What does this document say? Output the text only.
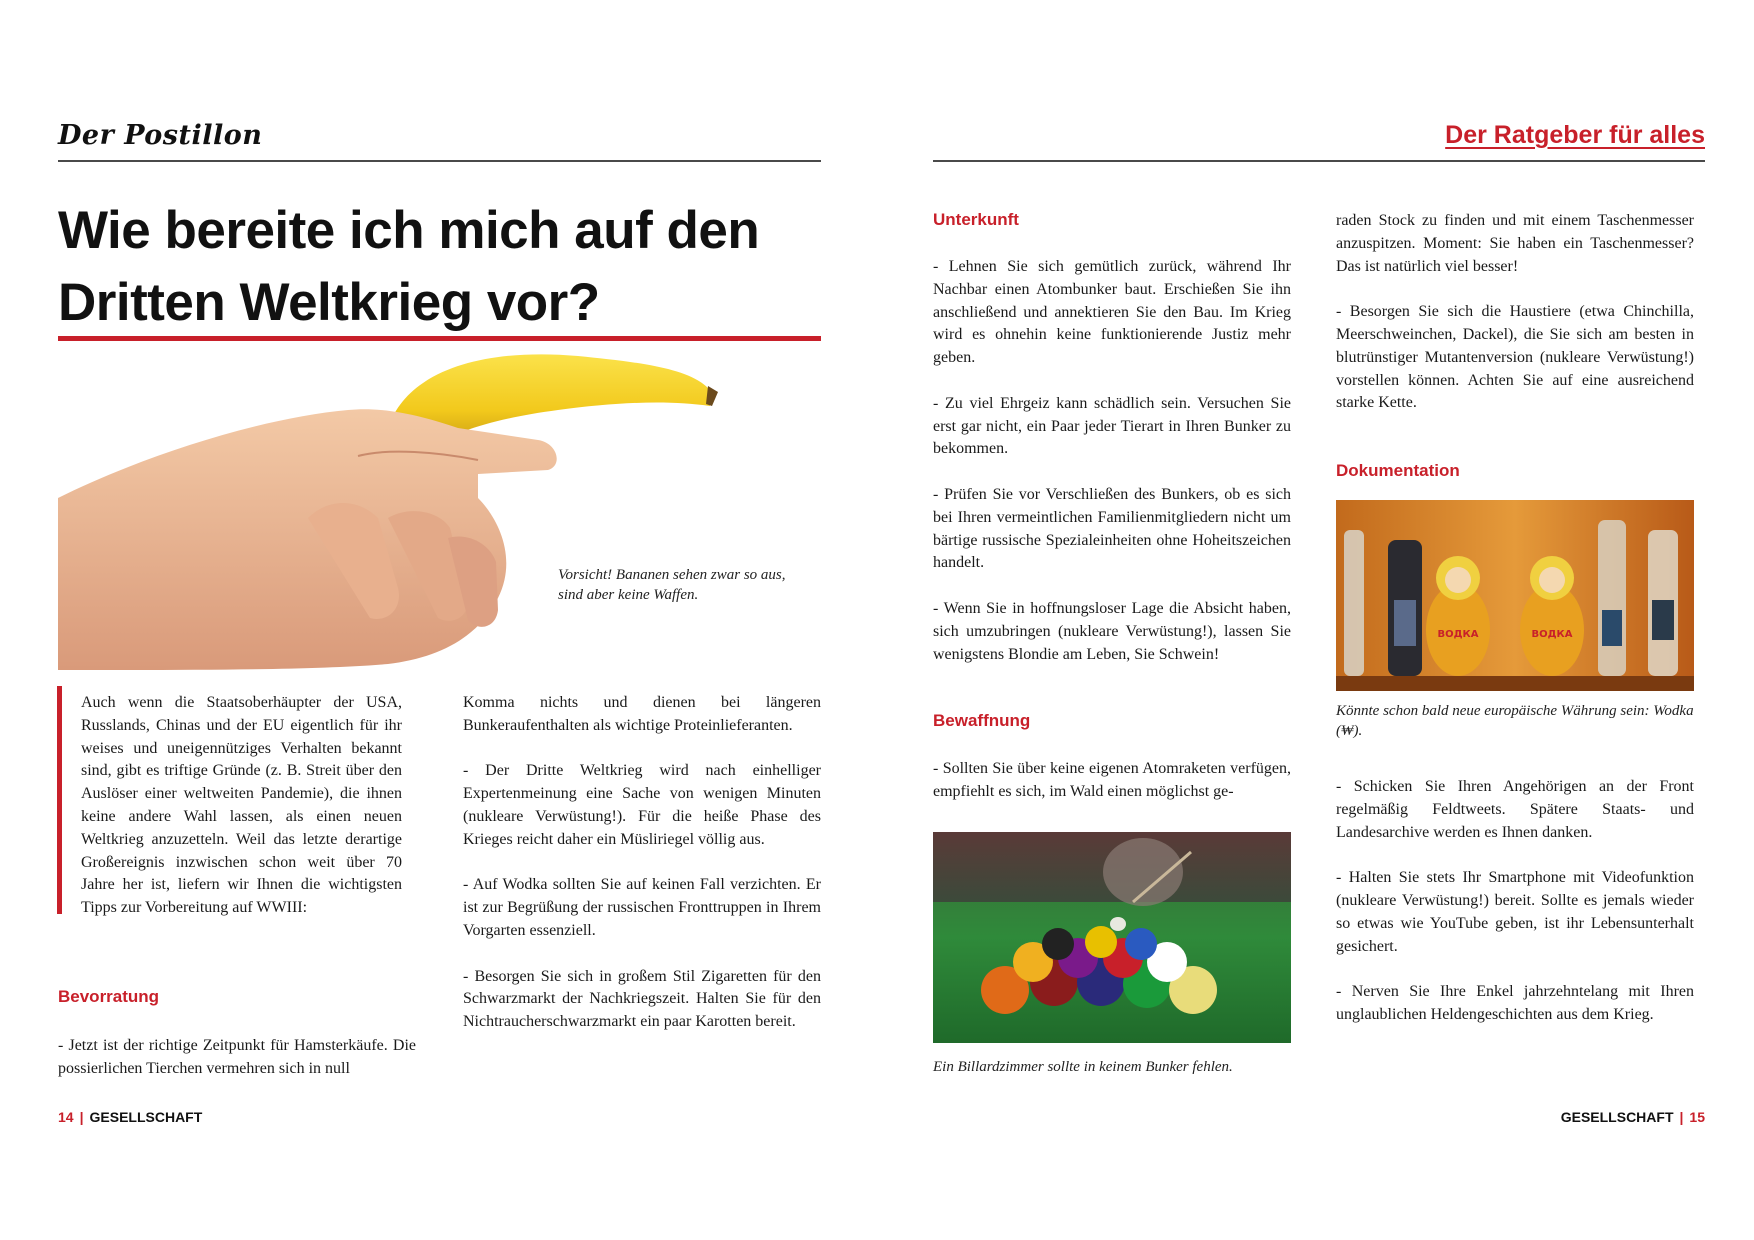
Der Postillon
Wie bereite ich mich auf den
Dritten Weltkrieg vor?
Vorsicht! Bananen sehen zwar so aus,
sind aber keine Waffen.
Auch wenn die Staatsoberhäupter der USA, Russlands, Chinas und der EU eigentlich für ihr weises und uneigennütziges Verhalten bekannt sind, gibt es triftige Gründe (z. B. Streit über den Auslöser einer weltweiten Pandemie), die ihnen keine andere Wahl lassen, als einen neuen Weltkrieg anzuzetteln. Weil das letzte derartige Großereignis inzwischen schon weit über 70 Jahre her ist, liefern wir Ihnen die wichtigsten Tipps zur Vorbereitung auf WWIII:
Bevorratung
- Jetzt ist der richtige Zeitpunkt für Hamsterkäufe. Die possierlichen Tierchen vermehren sich in null

Komma nichts und dienen bei längeren Bunkeraufenthalten als wichtige Proteinlieferanten.

- Der Dritte Weltkrieg wird nach einhelliger Expertenmeinung eine Sache von wenigen Minuten (nukleare Verwüstung!). Für die heiße Phase des Krieges reicht daher ein Müsliriegel völlig aus.

- Auf Wodka sollten Sie auf keinen Fall verzichten. Er ist zur Begrüßung der russischen Fronttruppen in Ihrem Vorgarten essenziell.

- Besorgen Sie sich in großem Stil Zigaretten für den Schwarzmarkt der Nachkriegszeit. Halten Sie für den Nichtraucherschwarzmarkt ein paar Karotten bereit.

14 | GESELLSCHAFT
Der Ratgeber für alles
Unterkunft

- Lehnen Sie sich gemütlich zurück, während Ihr Nachbar einen Atombunker baut. Erschießen Sie ihn anschließend und annektieren Sie den Bau. Im Krieg wird es ohnehin keine funktionierende Justiz mehr geben.

- Zu viel Ehrgeiz kann schädlich sein. Versuchen Sie erst gar nicht, ein Paar jeder Tierart in Ihren Bunker zu bekommen.

- Prüfen Sie vor Verschließen des Bunkers, ob es sich bei Ihren vermeintlichen Familienmitgliedern nicht um bärtige russische Spezialeinheiten ohne Hoheitszeichen handelt.

- Wenn Sie in hoffnungsloser Lage die Absicht haben, sich umzubringen (nukleare Verwüstung!), lassen Sie wenigstens Blondie am Leben, Sie Schwein!

Bewaffnung
- Sollten Sie über keine eigenen Atomraketen verfügen, empfiehlt es sich, im Wald einen möglichst ge-
Ein Billardzimmer sollte in keinem Bunker fehlen.

raden Stock zu finden und mit einem Taschenmesser anzuspitzen. Moment: Sie haben ein Taschenmesser? Das ist natürlich viel besser!

- Besorgen Sie sich die Haustiere (etwa Chinchilla, Meerschweinchen, Dackel), die Sie sich am besten in blutrünstiger Mutantenversion (nukleare Verwüstung!) vorstellen können. Achten Sie auf eine ausreichend starke Kette.

Dokumentation
ВОДКА	ВОДКА
Könnte schon bald neue europäische Währung sein: Wodka (₩).

- Schicken Sie Ihren Angehörigen an der Front regelmäßig Feldtweets. Spätere Staats- und Landesarchive werden es Ihnen danken.

- Halten Sie stets Ihr Smartphone mit Videofunktion (nukleare Verwüstung!) bereit. Sollte es jemals wieder so etwas wie YouTube geben, ist ihr Lebensunterhalt gesichert.

- Nerven Sie Ihre Enkel jahrzehntelang mit Ihren unglaublichen Heldengeschichten aus dem Krieg.

GESELLSCHAFT | 15
